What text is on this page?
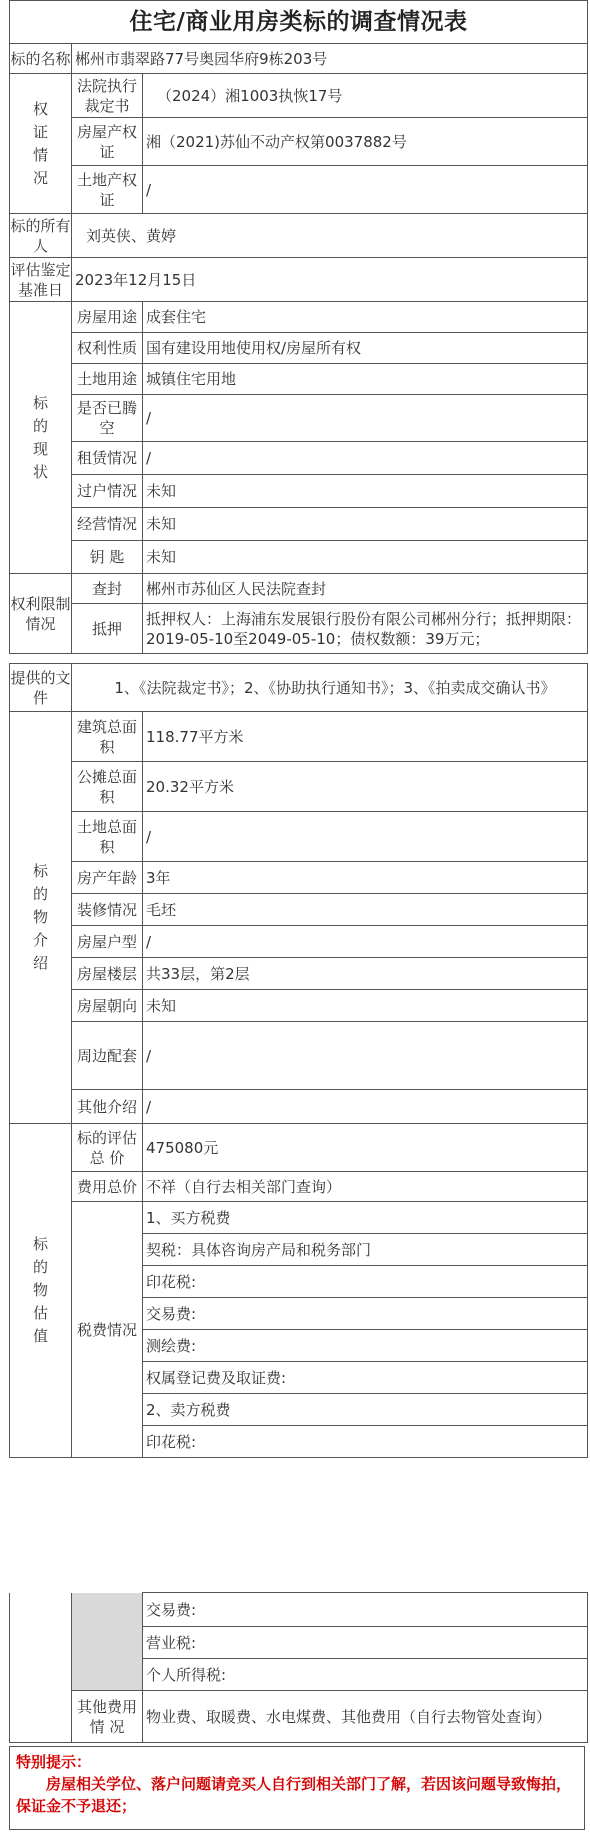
住宅/商业用房类标的调查情况表		
标的名称	郴州市翡翠路77号奥园华府9栋203号	

权证情况	法院执行裁定书	（2024）湘1003执恢17号
	房屋产权证	湘（2021)苏仙不动产权第0037882号
	土地产权证	/
标的所有人	刘英侠、黄婷	
评估鉴定基准日	2023年12月15日	

标的现状	房屋用途	成套住宅
	权利性质	国有建设用地使用权/房屋所有权
	土地用途	城镇住宅用地
	是否已腾空	/
	租赁情况	/
	过户情况	未知
	经营情况	未知
	钥 匙	未知
权利限制情况	查封	郴州市苏仙区人民法院查封
	抵押	抵押权人：上海浦东发展银行股份有限公司郴州分行；抵押期限：2019-05-10至2049-05-10；债权数额：39万元；

提供的文 件	1、《法院裁定书》；2、《协助执行通知书》；3、《拍卖成交确认书》	

标的物介绍	建筑总面积	118.77平方米
	公摊总面积	20.32平方米
	土地总面积	/
	房产年龄	3年
	装修情况	毛坯
	房屋户型	/
	房屋楼层	共33层，第2层
	房屋朝向	未知
	周边配套	/
	其他介绍	/

标的物估值	标的评估总 价	475080元
	费用总价	不祥（自行去相关部门查询）
	税费情况	1、买方税费
		契税：具体咨询房产局和税务部门
		印花税:
		交易费:
		测绘费:
		权属登记费及取证费:
		2、卖方税费
		印花税:
		交易费:
		营业税:
		个人所得税:
	其他费用情 况	物业费、取暖费、水电煤费、其他费用（自行去物管处查询）
特别提示：
房屋相关学位、落户问题请竞买人自行到相关部门了解，若因该问题导致悔拍，保证金不予退还；
